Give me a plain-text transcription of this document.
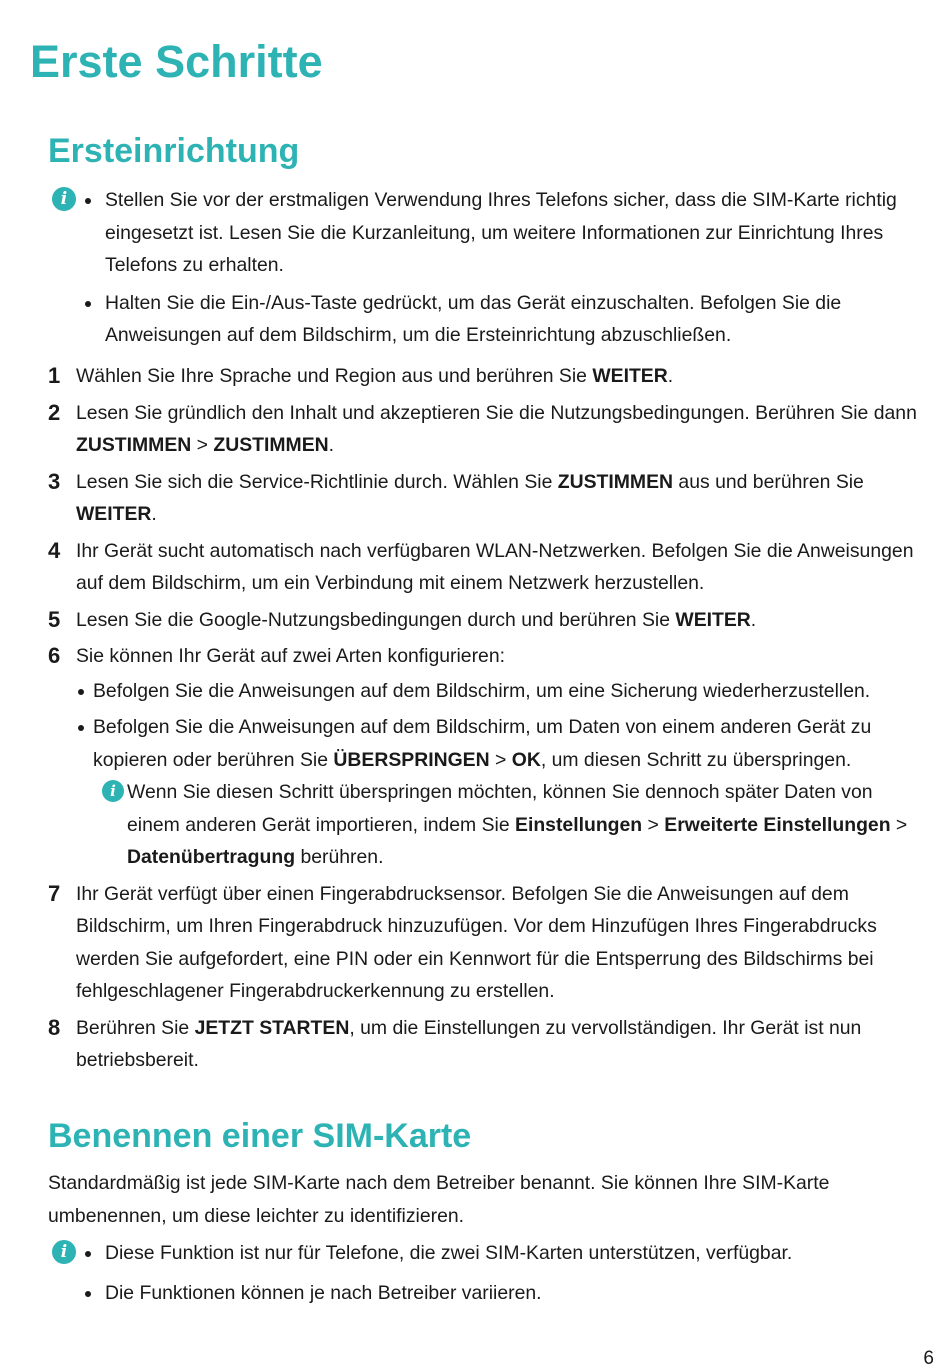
Erste Schritte
Ersteinrichtung
i	Stellen Sie vor der erstmaligen Verwendung Ihres Telefons sicher, dass die SIM-Karte richtig eingesetzt ist. Lesen Sie die Kurzanleitung, um weitere Informationen zur Einrichtung Ihres Telefons zu erhalten.
Halten Sie die Ein-/Aus-Taste gedrückt, um das Gerät einzuschalten. Befolgen Sie die Anweisungen auf dem Bildschirm, um die Ersteinrichtung abzuschließen.
1 Wählen Sie Ihre Sprache und Region aus und berühren Sie WEITER.
2 Lesen Sie gründlich den Inhalt und akzeptieren Sie die Nutzungsbedingungen. Berühren Sie dann ZUSTIMMEN > ZUSTIMMEN.
3 Lesen Sie sich die Service-Richtlinie durch. Wählen Sie ZUSTIMMEN aus und berühren Sie WEITER.
4 Ihr Gerät sucht automatisch nach verfügbaren WLAN-Netzwerken. Befolgen Sie die Anweisungen auf dem Bildschirm, um ein Verbindung mit einem Netzwerk herzustellen.
5 Lesen Sie die Google-Nutzungsbedingungen durch und berühren Sie WEITER.
6 Sie können Ihr Gerät auf zwei Arten konfigurieren:
Befolgen Sie die Anweisungen auf dem Bildschirm, um eine Sicherung wiederherzustellen.
Befolgen Sie die Anweisungen auf dem Bildschirm, um Daten von einem anderen Gerät zu kopieren oder berühren Sie ÜBERSPRINGEN > OK, um diesen Schritt zu überspringen.
i Wenn Sie diesen Schritt überspringen möchten, können Sie dennoch später Daten von einem anderen Gerät importieren, indem Sie Einstellungen > Erweiterte Einstellungen > Datenübertragung berühren.
7 Ihr Gerät verfügt über einen Fingerabdrucksensor. Befolgen Sie die Anweisungen auf dem Bildschirm, um Ihren Fingerabdruck hinzuzufügen. Vor dem Hinzufügen Ihres Fingerabdrucks werden Sie aufgefordert, eine PIN oder ein Kennwort für die Entsperrung des Bildschirms bei fehlgeschlagener Fingerabdruckerkennung zu erstellen.
8 Berühren Sie JETZT STARTEN, um die Einstellungen zu vervollständigen. Ihr Gerät ist nun betriebsbereit.
Benennen einer SIM-Karte
Standardmäßig ist jede SIM-Karte nach dem Betreiber benannt. Sie können Ihre SIM-Karte umbenennen, um diese leichter zu identifizieren.
i	Diese Funktion ist nur für Telefone, die zwei SIM-Karten unterstützen, verfügbar.
Die Funktionen können je nach Betreiber variieren.
6
